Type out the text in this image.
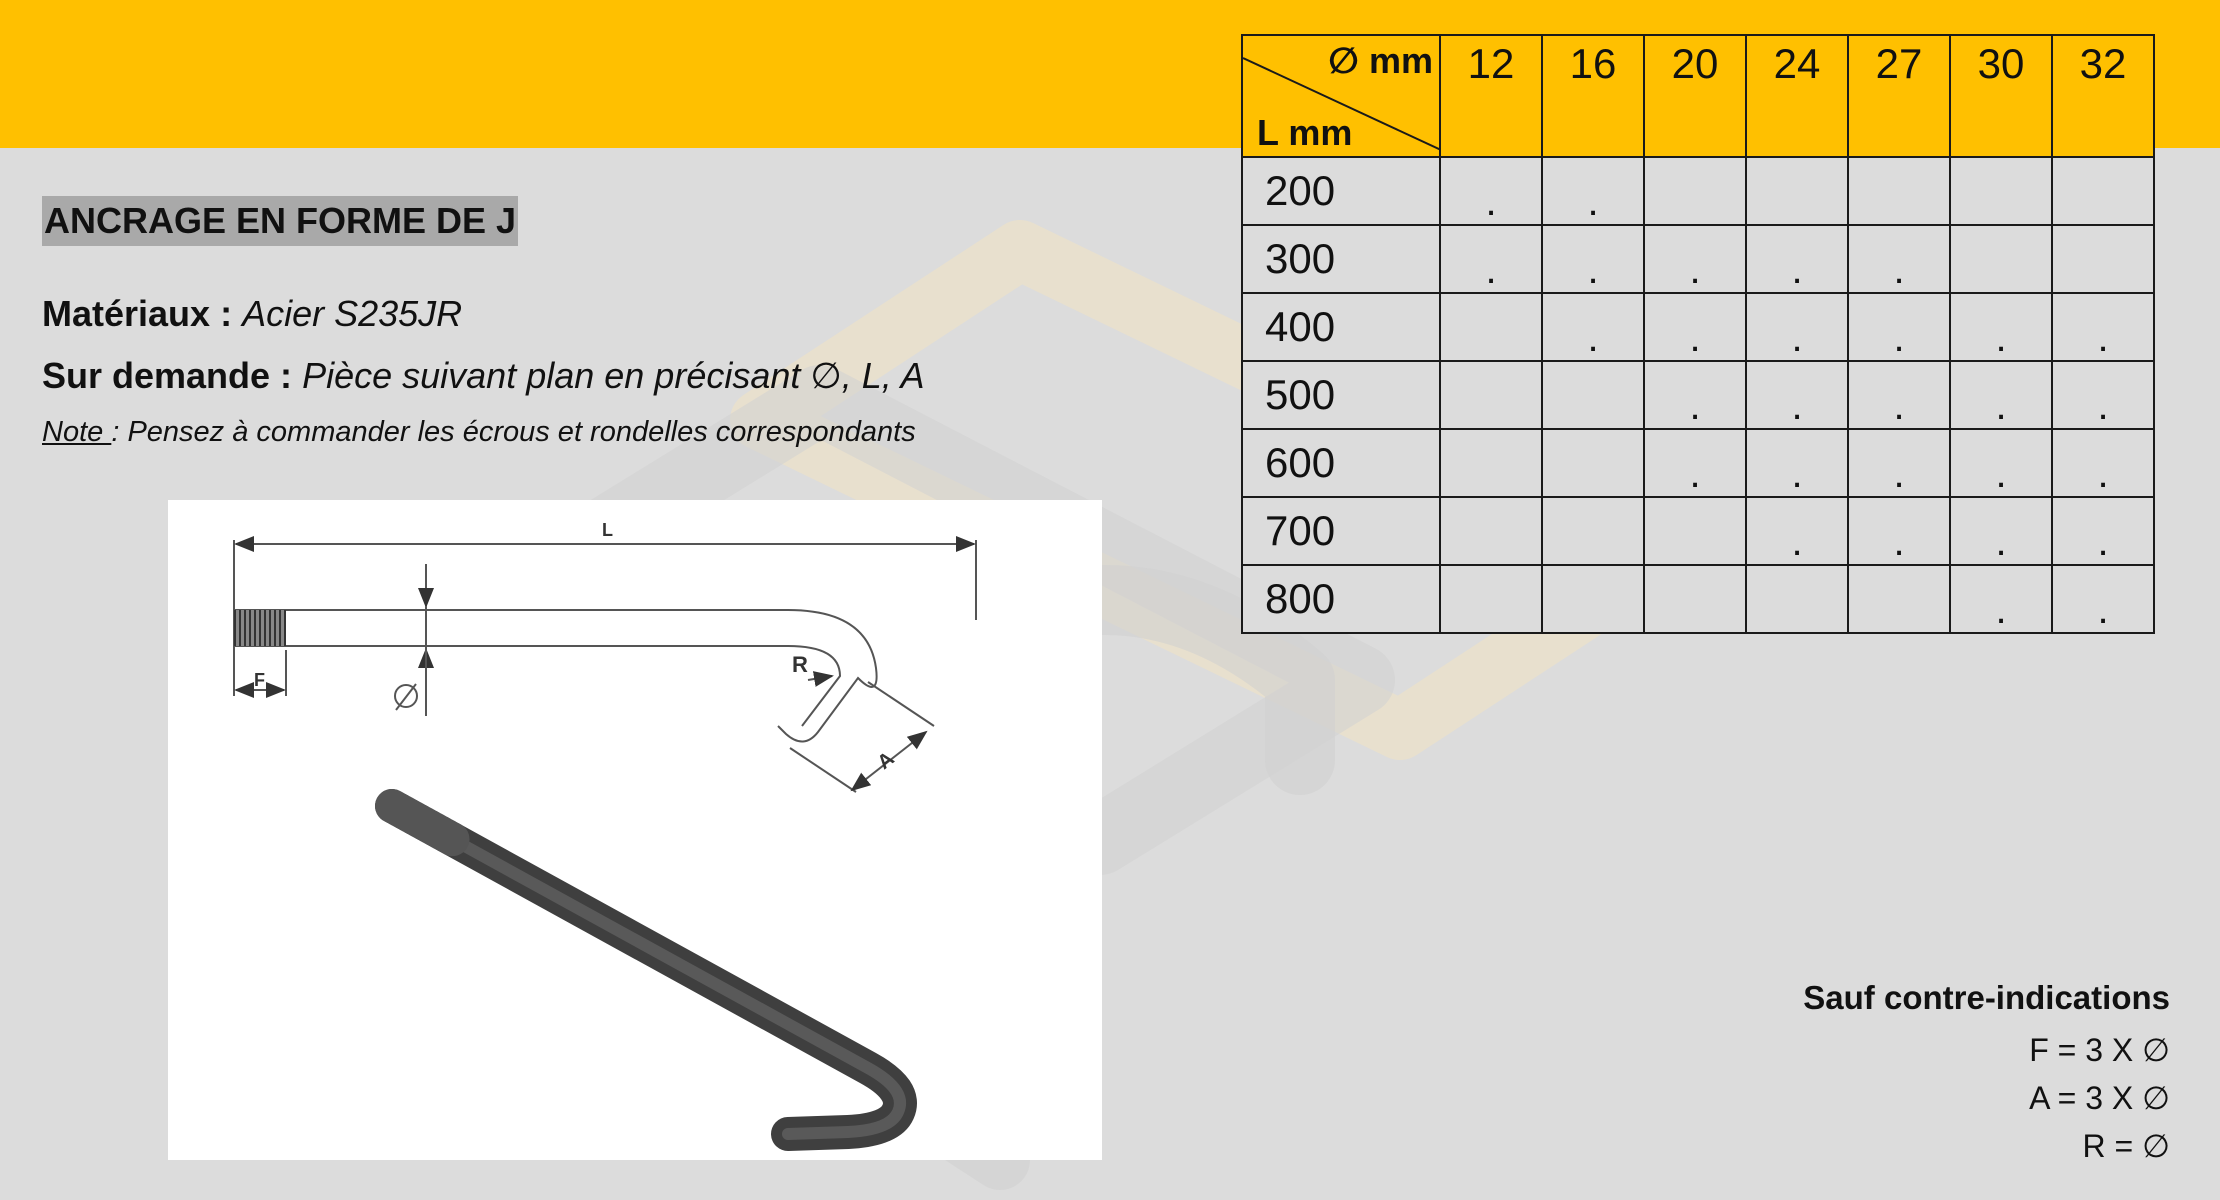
ANCRAGE EN FORME DE J
Matériaux : Acier S235JR
Sur demande : Pièce suivant plan en précisant ∅, L, A
Note : Pensez à commander les écrous et rondelles correspondants
L
F
R
A
∅ mm
L mm	12	16	20	24	27	30	32
200	.	.					
300	.	.	.	.	.		
400		.	.	.	.	.	.
500			.	.	.	.	.
600			.	.	.	.	.
700				.	.	.	.
800						.	.
Sauf contre-indications
F = 3 X ∅
A = 3 X ∅
R = ∅
